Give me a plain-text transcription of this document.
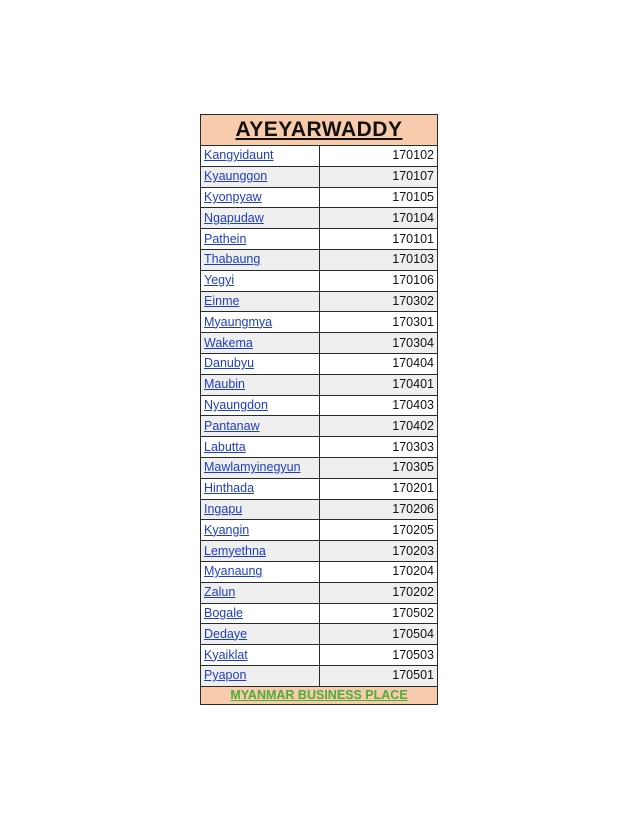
AYEYARWADDY	
Kangyidaunt	170102
Kyaunggon	170107
Kyonpyaw	170105
Ngapudaw	170104
Pathein	170101
Thabaung	170103
Yegyi	170106
Einme	170302
Myaungmya	170301
Wakema	170304
Danubyu	170404
Maubin	170401
Nyaungdon	170403
Pantanaw	170402
Labutta	170303
Mawlamyinegyun	170305
Hinthada	170201
Ingapu	170206
Kyangin	170205
Lemyethna	170203
Myanaung	170204
Zalun	170202
Bogale	170502
Dedaye	170504
Kyaiklat	170503
Pyapon	170501
MYANMAR BUSINESS PLACE	
